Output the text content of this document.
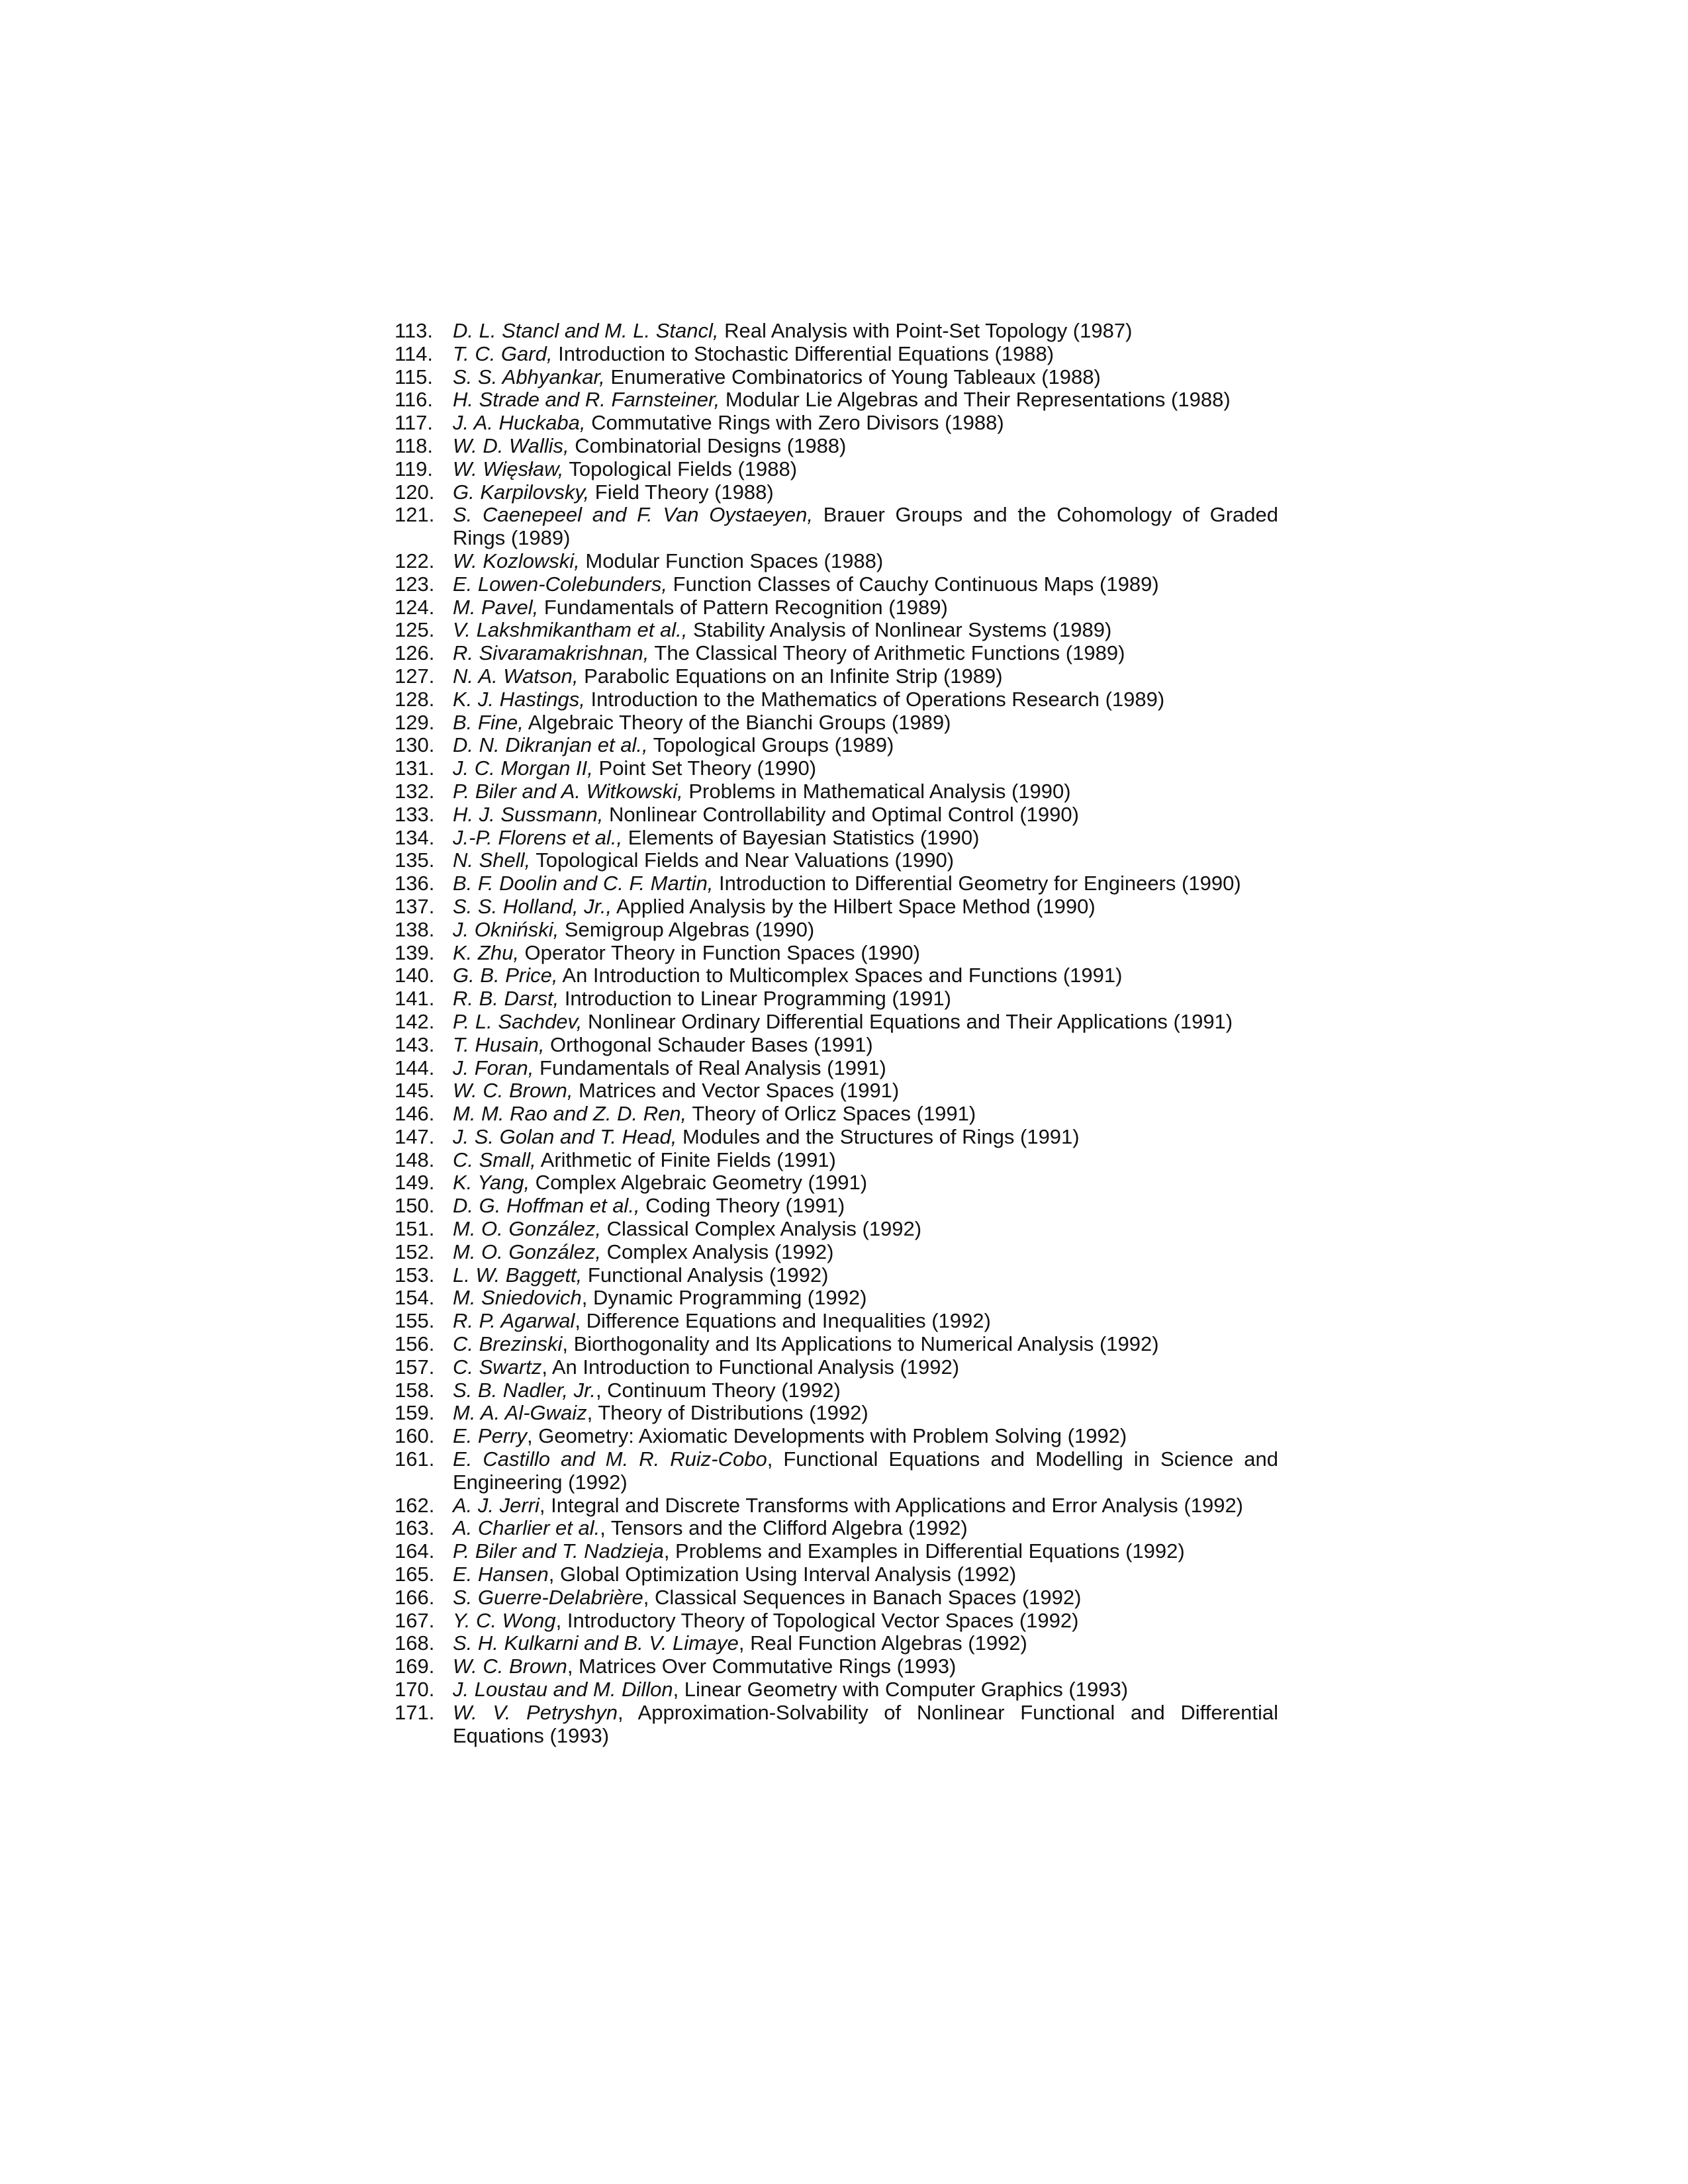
113. D. L. Stancl and M. L. Stancl, Real Analysis with Point-Set Topology (1987)
114. T. C. Gard, Introduction to Stochastic Differential Equations (1988)
115. S. S. Abhyankar, Enumerative Combinatorics of Young Tableaux (1988)
116. H. Strade and R. Farnsteiner, Modular Lie Algebras and Their Representations (1988)
117. J. A. Huckaba, Commutative Rings with Zero Divisors (1988)
118. W. D. Wallis, Combinatorial Designs (1988)
119. W. Więsław, Topological Fields (1988)
120. G. Karpilovsky, Field Theory (1988)
121. S. Caenepeel and F. Van Oystaeyen, Brauer Groups and the Cohomology of Graded Rings (1989)
122. W. Kozlowski, Modular Function Spaces (1988)
123. E. Lowen-Colebunders, Function Classes of Cauchy Continuous Maps (1989)
124. M. Pavel, Fundamentals of Pattern Recognition (1989)
125. V. Lakshmikantham et al., Stability Analysis of Nonlinear Systems (1989)
126. R. Sivaramakrishnan, The Classical Theory of Arithmetic Functions (1989)
127. N. A. Watson, Parabolic Equations on an Infinite Strip (1989)
128. K. J. Hastings, Introduction to the Mathematics of Operations Research (1989)
129. B. Fine, Algebraic Theory of the Bianchi Groups (1989)
130. D. N. Dikranjan et al., Topological Groups (1989)
131. J. C. Morgan II, Point Set Theory (1990)
132. P. Biler and A. Witkowski, Problems in Mathematical Analysis (1990)
133. H. J. Sussmann, Nonlinear Controllability and Optimal Control (1990)
134. J.-P. Florens et al., Elements of Bayesian Statistics (1990)
135. N. Shell, Topological Fields and Near Valuations (1990)
136. B. F. Doolin and C. F. Martin, Introduction to Differential Geometry for Engineers (1990)
137. S. S. Holland, Jr., Applied Analysis by the Hilbert Space Method (1990)
138. J. Okniński, Semigroup Algebras (1990)
139. K. Zhu, Operator Theory in Function Spaces (1990)
140. G. B. Price, An Introduction to Multicomplex Spaces and Functions (1991)
141. R. B. Darst, Introduction to Linear Programming (1991)
142. P. L. Sachdev, Nonlinear Ordinary Differential Equations and Their Applications (1991)
143. T. Husain, Orthogonal Schauder Bases (1991)
144. J. Foran, Fundamentals of Real Analysis (1991)
145. W. C. Brown, Matrices and Vector Spaces (1991)
146. M. M. Rao and Z. D. Ren, Theory of Orlicz Spaces (1991)
147. J. S. Golan and T. Head, Modules and the Structures of Rings (1991)
148. C. Small, Arithmetic of Finite Fields (1991)
149. K. Yang, Complex Algebraic Geometry (1991)
150. D. G. Hoffman et al., Coding Theory (1991)
151. M. O. González, Classical Complex Analysis (1992)
152. M. O. González, Complex Analysis (1992)
153. L. W. Baggett, Functional Analysis (1992)
154. M. Sniedovich, Dynamic Programming (1992)
155. R. P. Agarwal, Difference Equations and Inequalities (1992)
156. C. Brezinski, Biorthogonality and Its Applications to Numerical Analysis (1992)
157. C. Swartz, An Introduction to Functional Analysis (1992)
158. S. B. Nadler, Jr., Continuum Theory (1992)
159. M. A. Al-Gwaiz, Theory of Distributions (1992)
160. E. Perry, Geometry: Axiomatic Developments with Problem Solving (1992)
161. E. Castillo and M. R. Ruiz-Cobo, Functional Equations and Modelling in Science and Engineering (1992)
162. A. J. Jerri, Integral and Discrete Transforms with Applications and Error Analysis (1992)
163. A. Charlier et al., Tensors and the Clifford Algebra (1992)
164. P. Biler and T. Nadzieja, Problems and Examples in Differential Equations (1992)
165. E. Hansen, Global Optimization Using Interval Analysis (1992)
166. S. Guerre-Delabrière, Classical Sequences in Banach Spaces (1992)
167. Y. C. Wong, Introductory Theory of Topological Vector Spaces (1992)
168. S. H. Kulkarni and B. V. Limaye, Real Function Algebras (1992)
169. W. C. Brown, Matrices Over Commutative Rings (1993)
170. J. Loustau and M. Dillon, Linear Geometry with Computer Graphics (1993)
171. W. V. Petryshyn, Approximation-Solvability of Nonlinear Functional and Differential Equations (1993)
